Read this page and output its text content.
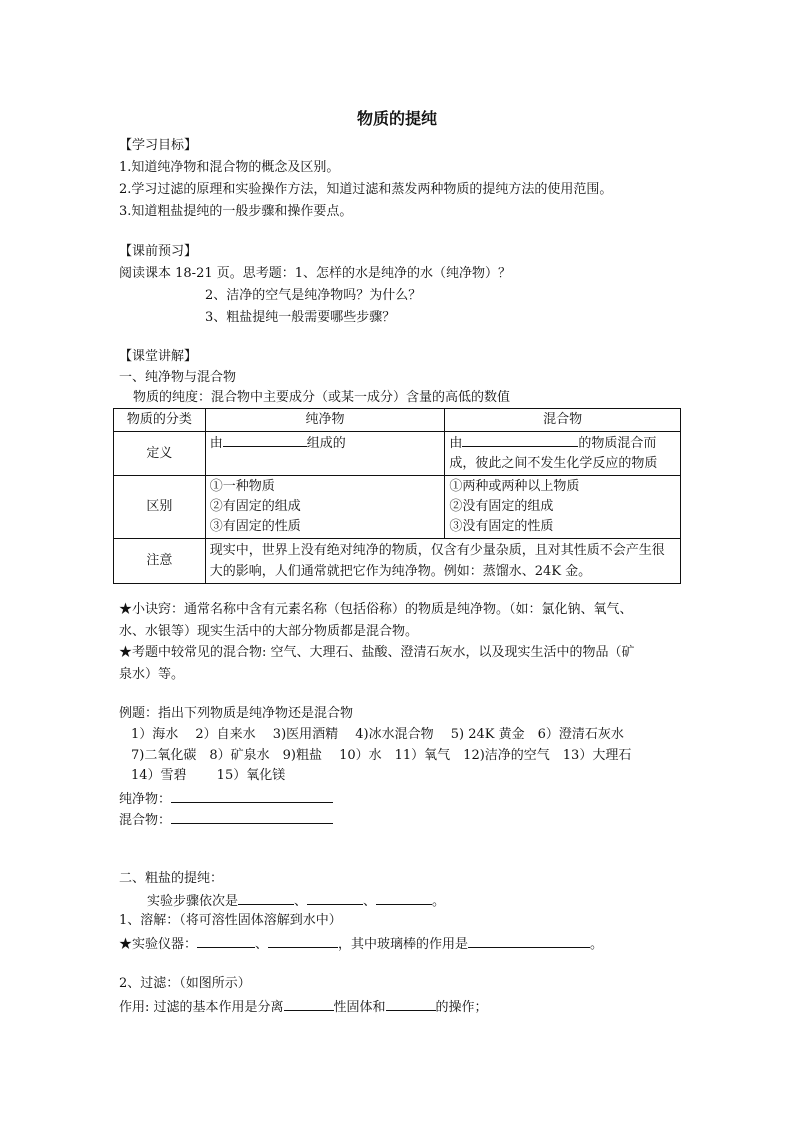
物质的提纯
【学习目标】
1.知道纯净物和混合物的概念及区别。
2.学习过滤的原理和实验操作方法，知道过滤和蒸发两种物质的提纯方法的使用范围。
3.知道粗盐提纯的一般步骤和操作要点。
【课前预习】
阅读课本 18-21 页。思考题：1、怎样的水是纯净的水（纯净物）？
2、洁净的空气是纯净物吗？为什么？
3、粗盐提纯一般需要哪些步骤？
【课堂讲解】
一、纯净物与混合物
物质的纯度：混合物中主要成分（或某一成分）含量的高低的数值
物质的分类	纯净物	混合物
定义	由 组成的	由 的物质混合而
成，彼此之间不发生化学反应的物质

区别	①一种物质
②有固定的组成
③有固定的性质	①两种或两种以上物质
②没有固定的组成
③没有固定的性质

注意	现实中，世界上没有绝对纯净的物质，仅含有少量杂质，且对其性质不会产生很大的影响，人们通常就把它作为纯净物。例如：蒸馏水、24K 金。	
★小诀窍：通常名称中含有元素名称（包括俗称）的物质是纯净物。（如：氯化钠、氧气、
水、水银等）现实生活中的大部分物质都是混合物。
★考题中较常见的混合物: 空气、大理石、盐酸、澄清石灰水，以及现实生活中的物品（矿
泉水）等。
例题：指出下列物质是纯净物还是混合物
1）海水　 2）自来水　 3)医用酒精　 4)冰水混合物　 5) 24K 黄金　6）澄清石灰水
7)二氧化碳　8）矿泉水　9)粗盐　 10）水　11）氧气　12)洁净的空气　13）大理石
14）雪碧　　 15）氧化镁
纯净物：
混合物：
二、粗盐的提纯：
实验步骤依次是	、	、	。
1、溶解：（将可溶性固体溶解到水中）
★实验仪器：	、	，其中玻璃棒的作用是	。
2、过滤：（如图所示）
作用: 过滤的基本作用是分离	性固体和	的操作；
